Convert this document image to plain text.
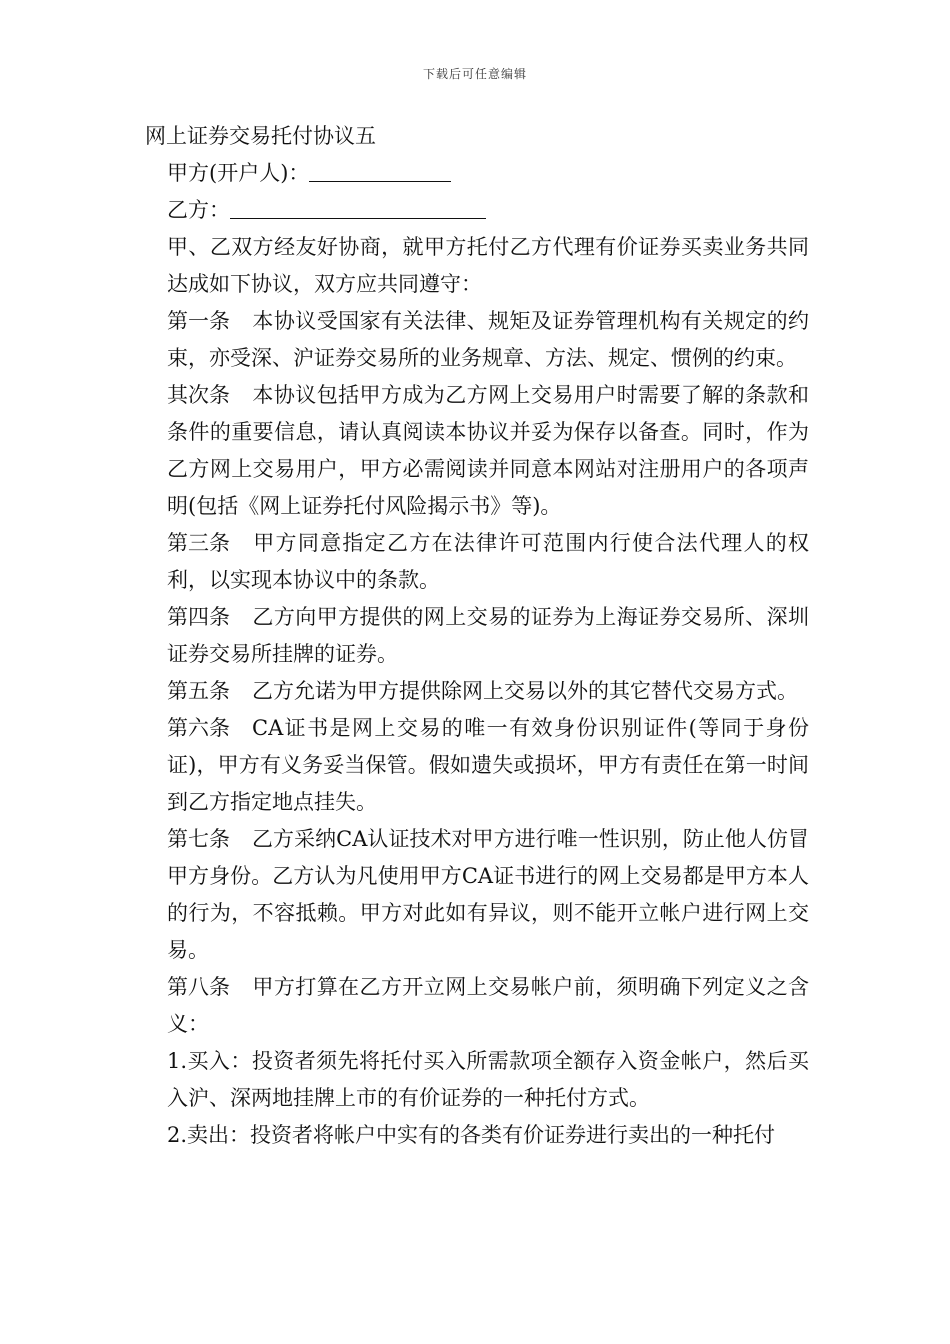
下载后可任意编辑

网上证券交易托付协议五

甲方(开户人)：

乙方：

甲、乙双方经友好协商，就甲方托付乙方代理有价证券买卖业务共同达成如下协议，双方应共同遵守：

第一条 本协议受国家有关法律、规矩及证券管理机构有关规定的约束，亦受深、沪证券交易所的业务规章、方法、规定、惯例的约束。

其次条 本协议包括甲方成为乙方网上交易用户时需要了解的条款和条件的重要信息，请认真阅读本协议并妥为保存以备查。同时，作为乙方网上交易用户，甲方必需阅读并同意本网站对注册用户的各项声明(包括《网上证券托付风险揭示书》等)。

第三条 甲方同意指定乙方在法律许可范围内行使合法代理人的权利，以实现本协议中的条款。

第四条 乙方向甲方提供的网上交易的证券为上海证券交易所、深圳证券交易所挂牌的证券。

第五条 乙方允诺为甲方提供除网上交易以外的其它替代交易方式。

第六条 CA证书是网上交易的唯一有效身份识别证件(等同于身份证)，甲方有义务妥当保管。假如遗失或损坏，甲方有责任在第一时间到乙方指定地点挂失。

第七条 乙方采纳CA认证技术对甲方进行唯一性识别，防止他人仿冒甲方身份。乙方认为凡使用甲方CA证书进行的网上交易都是甲方本人的行为，不容抵赖。甲方对此如有异议，则不能开立帐户进行网上交易。

第八条 甲方打算在乙方开立网上交易帐户前，须明确下列定义之含义：

1.买入：投资者须先将托付买入所需款项全额存入资金帐户，然后买入沪、深两地挂牌上市的有价证券的一种托付方式。

2.卖出：投资者将帐户中实有的各类有价证券进行卖出的一种托付
